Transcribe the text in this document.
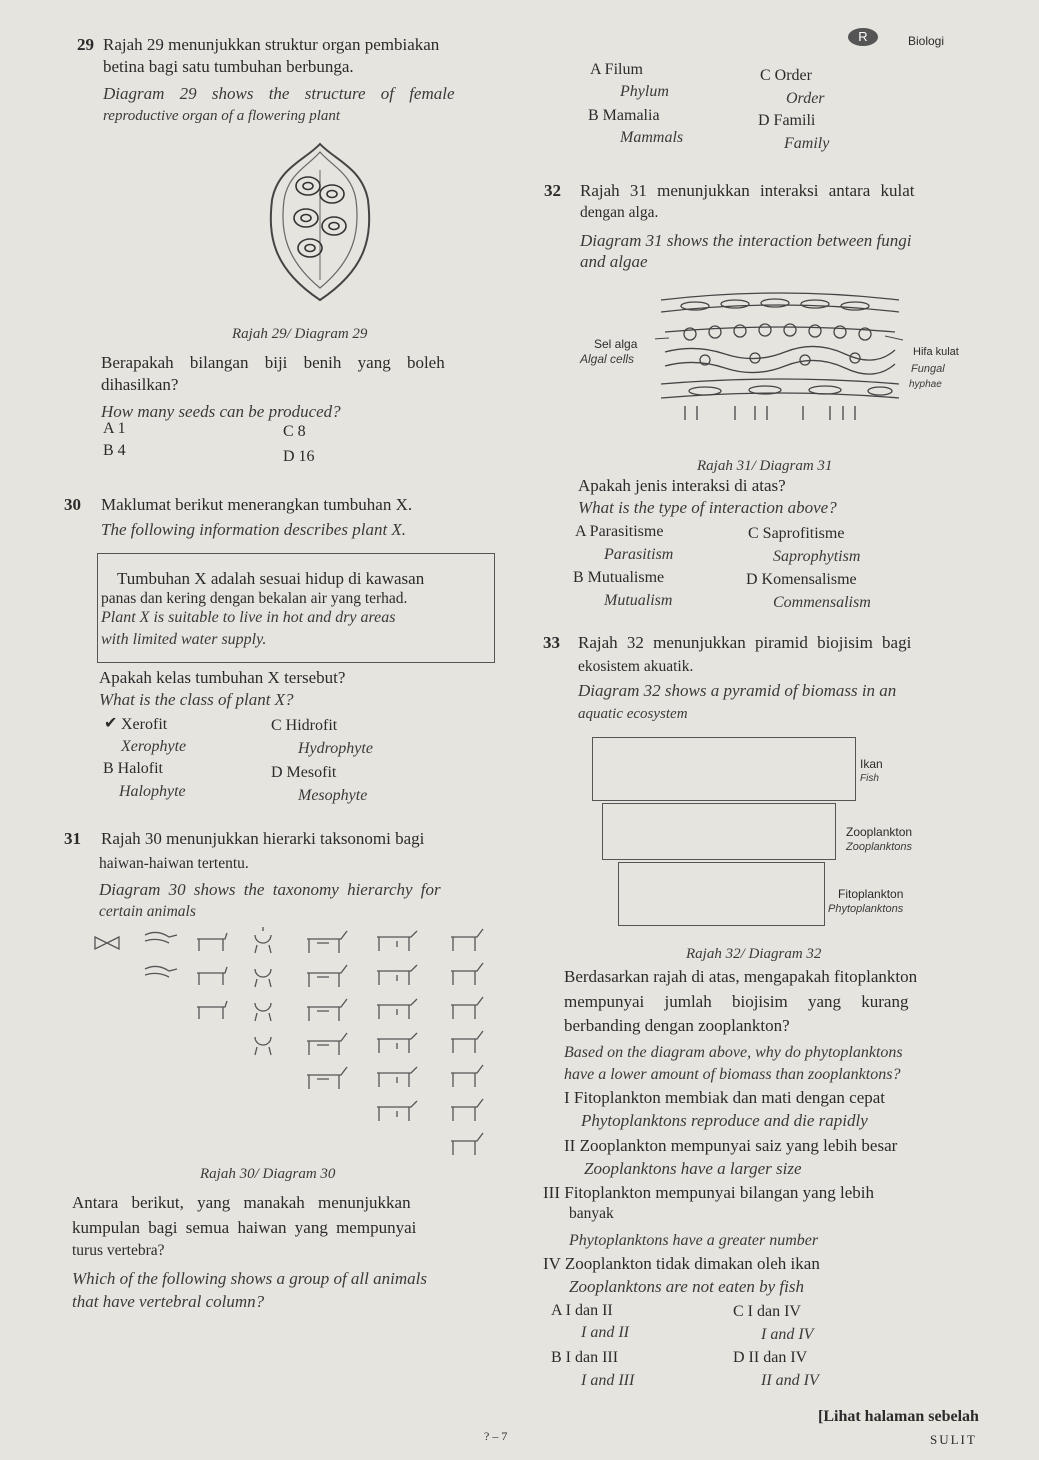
R	Biologi
29 Rajah 29 menunjukkan struktur organ pembiakan
betina bagi satu tumbuhan berbunga.
Diagram 29 shows the structure of female
reproductive organ of a flowering plant
Rajah 29/ Diagram 29
Berapakah bilangan biji benih yang boleh
dihasilkan?
How many seeds can be produced?
A 1
B 4
C 8
D 16
30 Maklumat berikut menerangkan tumbuhan X.
The following information describes plant X.
Tumbuhan X adalah sesuai hidup di kawasan
panas dan kering dengan bekalan air yang terhad.
Plant X is suitable to live in hot and dry areas
with limited water supply.
Apakah kelas tumbuhan X tersebut?
What is the class of plant X?
✔ Xerofit
Xerophyte
B Halofit
Halophyte
C Hidrofit
Hydrophyte
D Mesofit
Mesophyte
31 Rajah 30 menunjukkan hierarki taksonomi bagi
haiwan-haiwan tertentu.
Diagram 30 shows the taxonomy hierarchy for
certain animals
Rajah 30/ Diagram 30
Antara berikut, yang manakah menunjukkan
kumpulan bagi semua haiwan yang mempunyai
turus vertebra?
Which of the following shows a group of all animals
that have vertebral column?
A Filum
Phylum
B Mamalia
Mammals
C Order
Order
D Famili
Family
32 Rajah 31 menunjukkan interaksi antara kulat
dengan alga.
Diagram 31 shows the interaction between fungi
and algae
Sel alga
Algal cells	Hifa kulat
Fungal
hyphae
Rajah 31/ Diagram 31
Apakah jenis interaksi di atas?
What is the type of interaction above?
A Parasitisme
Parasitism
B Mutualisme
Mutualism
C Saprofitisme
Saprophytism
D Komensalisme
Commensalism
33 Rajah 32 menunjukkan piramid biojisim bagi
ekosistem akuatik.
Diagram 32 shows a pyramid of biomass in an
aquatic ecosystem
Ikan
Fish
Zooplankton
Zooplanktons
Fitoplankton
Phytoplanktons
Rajah 32/ Diagram 32
Berdasarkan rajah di atas, mengapakah fitoplankton
mempunyai jumlah biojisim yang kurang
berbanding dengan zooplankton?
Based on the diagram above, why do phytoplanktons
have a lower amount of biomass than zooplanktons?
I Fitoplankton membiak dan mati dengan cepat
Phytoplanktons reproduce and die rapidly
II Zooplankton mempunyai saiz yang lebih besar
Zooplanktons have a larger size
III Fitoplankton mempunyai bilangan yang lebih
banyak
Phytoplanktons have a greater number
IV Zooplankton tidak dimakan oleh ikan
Zooplanktons are not eaten by fish
A I dan II
I and II
B I dan III
I and III
C I dan IV
I and IV
D II dan IV
II and IV
? – 7
[Lihat halaman sebelah
SULIT
